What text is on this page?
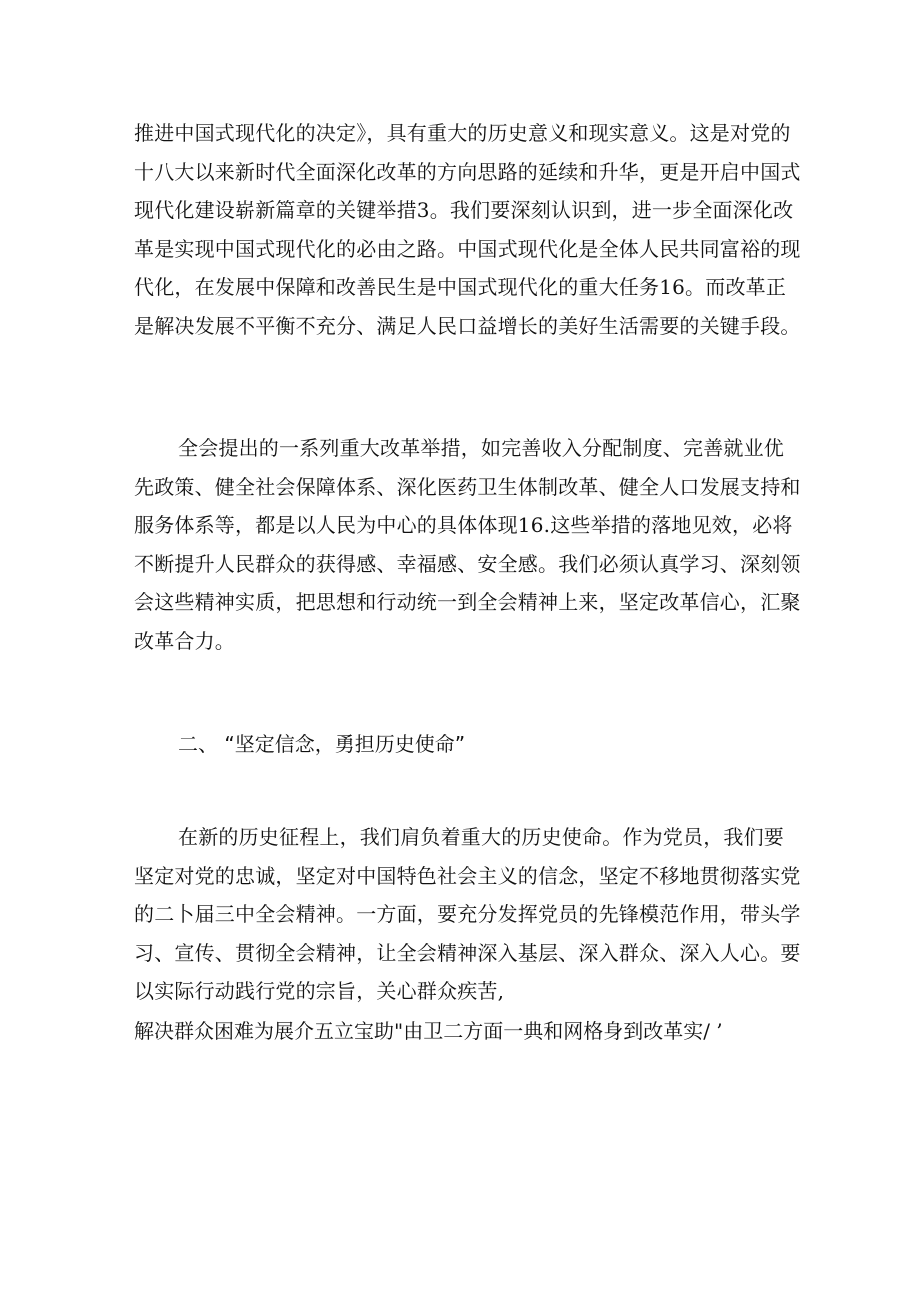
推进中国式现代化的决定》，具有重大的历史意义和现实意义。这是对党的
十八大以来新时代全面深化改革的方向思路的延续和升华，更是开启中国式
现代化建设崭新篇章的关键举措3。我们要深刻认识到，进一步全面深化改
革是实现中国式现代化的必由之路。中国式现代化是全体人民共同富裕的现
代化，在发展中保障和改善民生是中国式现代化的重大任务16。而改革正
是解决发展不平衡不充分、满足人民口益增长的美好生活需要的关键手段。
全会提出的一系列重大改革举措，如完善收入分配制度、完善就业优
先政策、健全社会保障体系、深化医药卫生体制改革、健全人口发展支持和
服务体系等，都是以人民为中心的具体体现16.这些举措的落地见效，必将
不断提升人民群众的获得感、幸福感、安全感。我们必须认真学习、深刻领
会这些精神实质，把思想和行动统一到全会精神上来，坚定改革信心，汇聚
改革合力。
二、 “坚定信念，勇担历史使命”
在新的历史征程上，我们肩负着重大的历史使命。作为党员，我们要
坚定对党的忠诚，坚定对中国特色社会主义的信念，坚定不移地贯彻落实党
的二卜届三中全会精神。一方面，要充分发挥党员的先锋模范作用，带头学
习、宣传、贯彻全会精神，让全会精神深入基层、深入群众、深入人心。要
以实际行动践行党的宗旨，关心群众疾苦,
解决群众困难为展介五立宝助"由卫二方面一典和网格身到改革实/ ’
